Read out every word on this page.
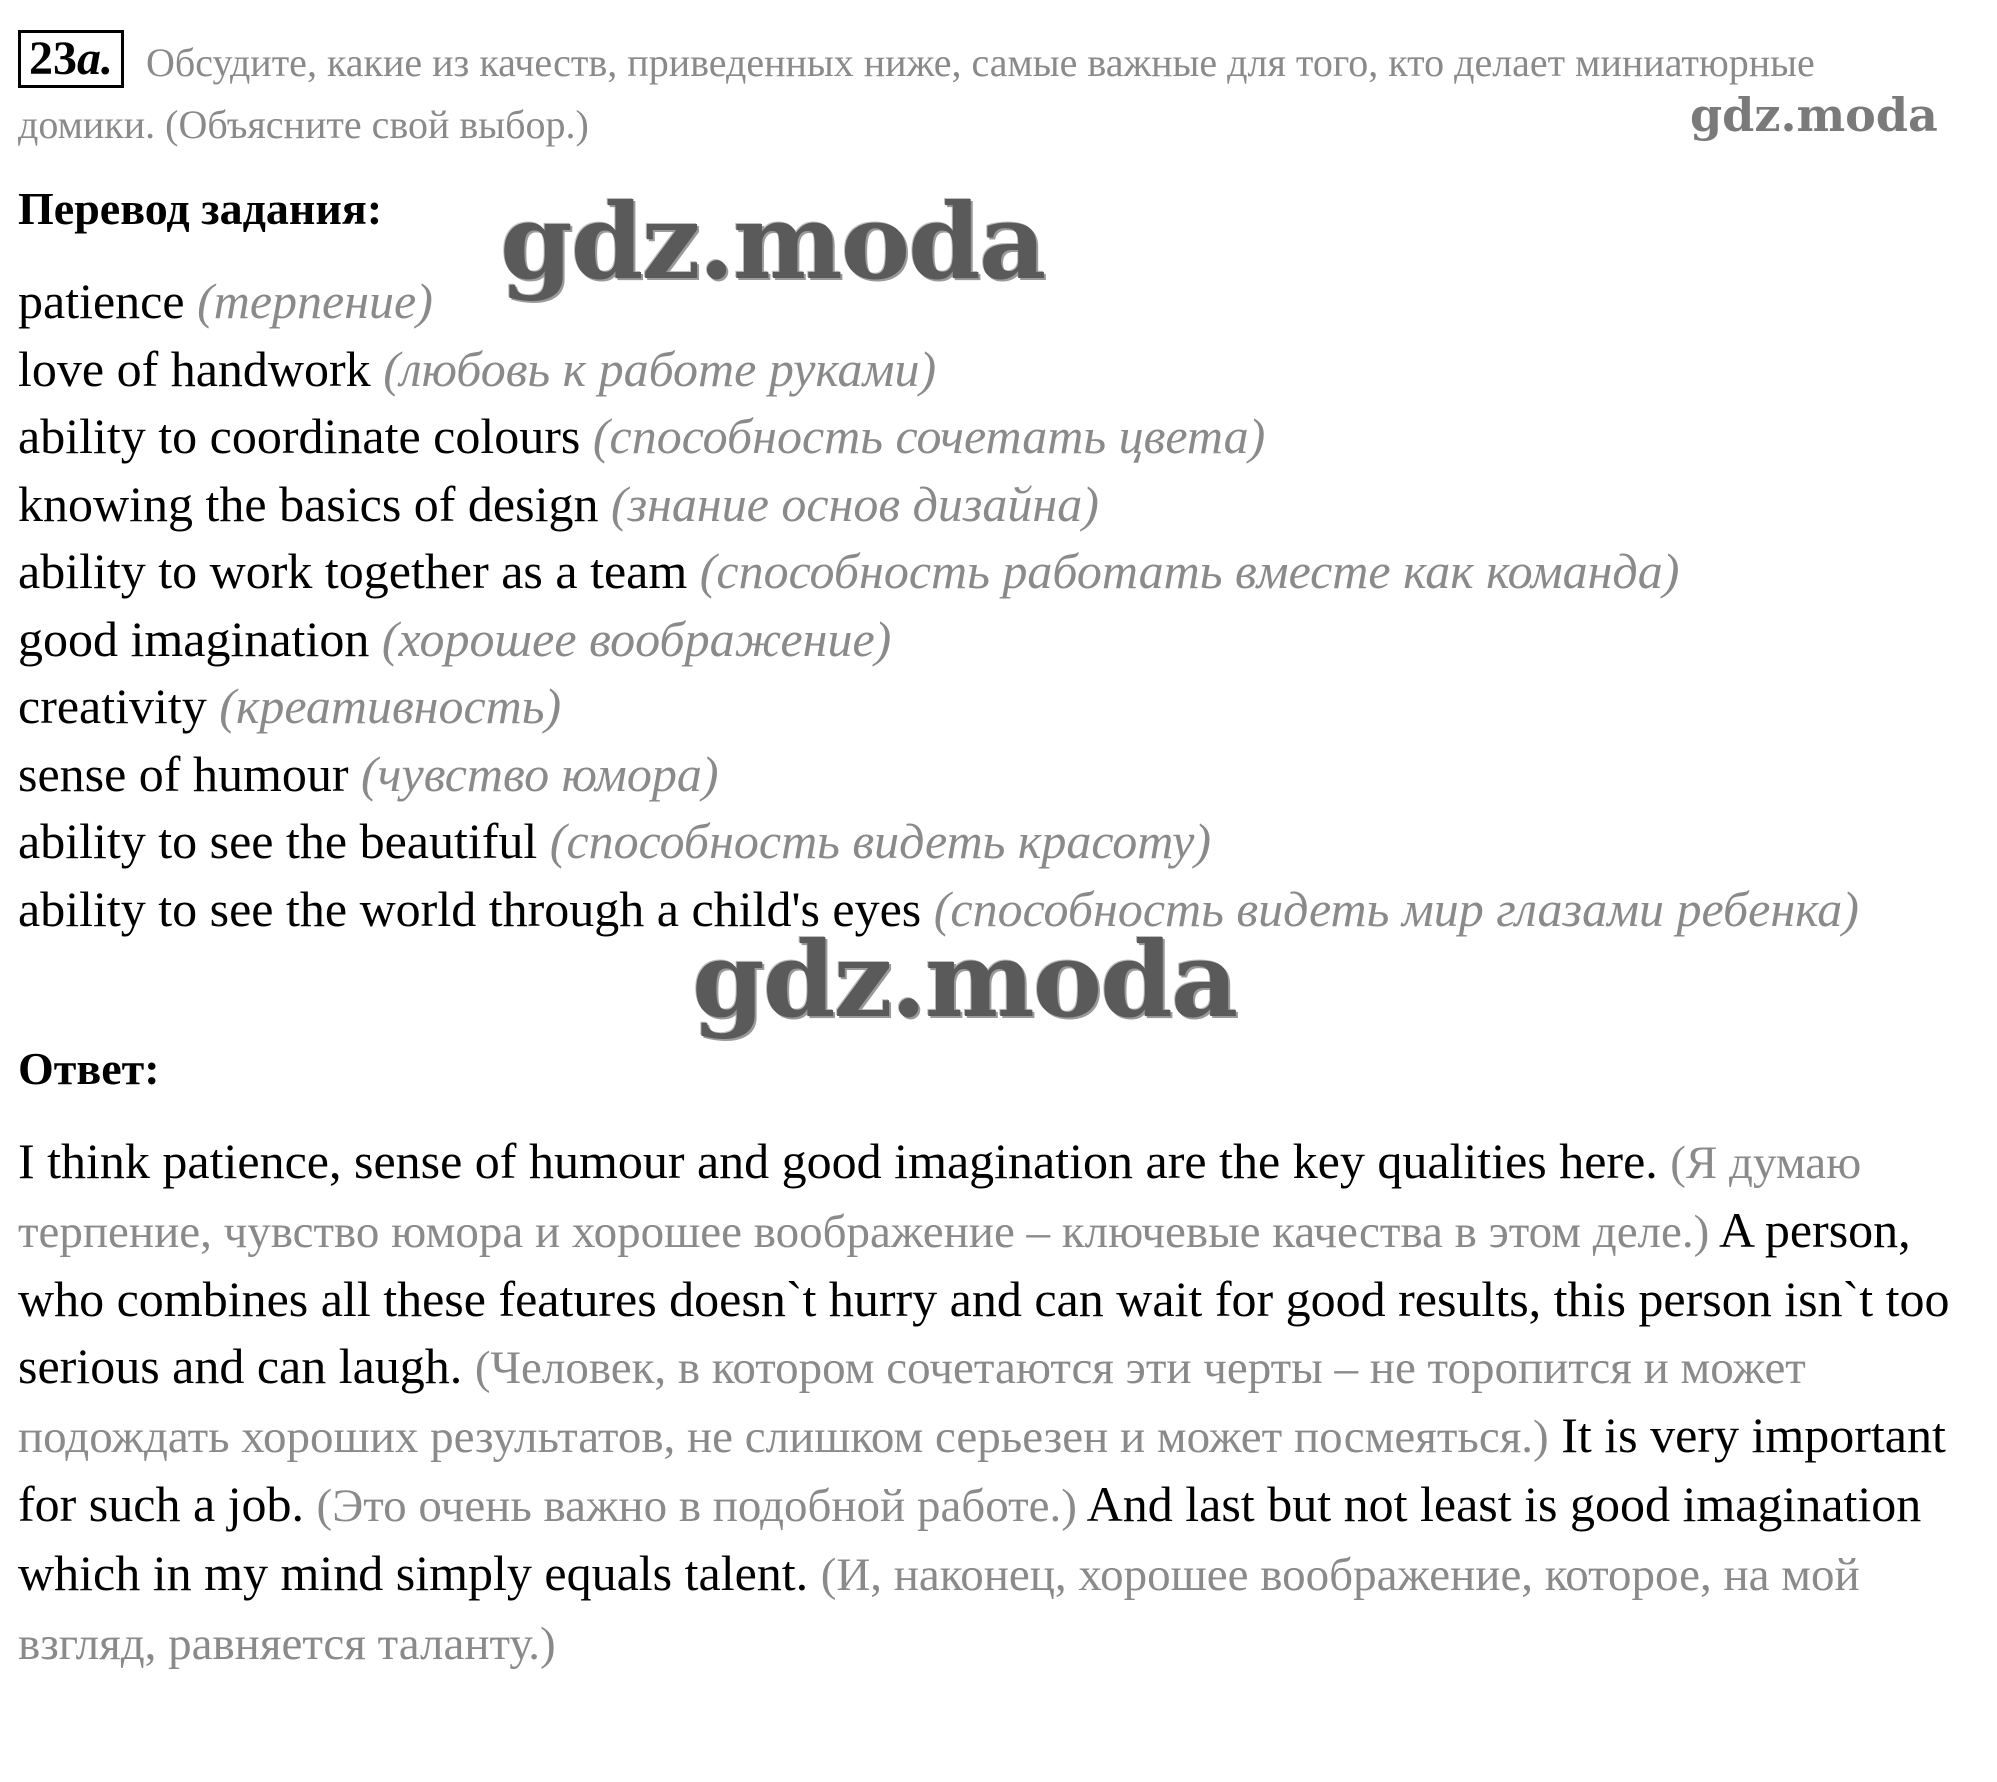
23a. Обсудите, какие из качеств, приведенных ниже, самые важные для того, кто делает миниатюрные домики. (Объясните свой выбор.)	gdz.moda
Перевод задания: gdz.moda
patience (терпение)
love of handwork (любовь к работе руками)
ability to coordinate colours (способность сочетать цвета)
knowing the basics of design (знание основ дизайна)
ability to work together as a team (способность работать вместе как команда)
good imagination (хорошее воображение)
creativity (креативность)
sense of humour (чувство юмора)
ability to see the beautiful (способность видеть красоту)
ability to see the world through a child's eyes (способность видеть мир глазами ребенка)
gdz.moda
Ответ:
I think patience, sense of humour and good imagination are the key qualities here. (Я думаю терпение, чувство юмора и хорошее воображение – ключевые качества в этом деле.) A person, who combines all these features doesn`t hurry and can wait for good results, this person isn`t too serious and can laugh. (Человек, в котором сочетаются эти черты – не торопится и может подождать хороших результатов, не слишком серьезен и может посмеяться.) It is very important for such a job. (Это очень важно в подобной работе.) And last but not least is good imagination which in my mind simply equals talent. (И, наконец, хорошее воображение, которое, на мой взгляд, равняется таланту.)
